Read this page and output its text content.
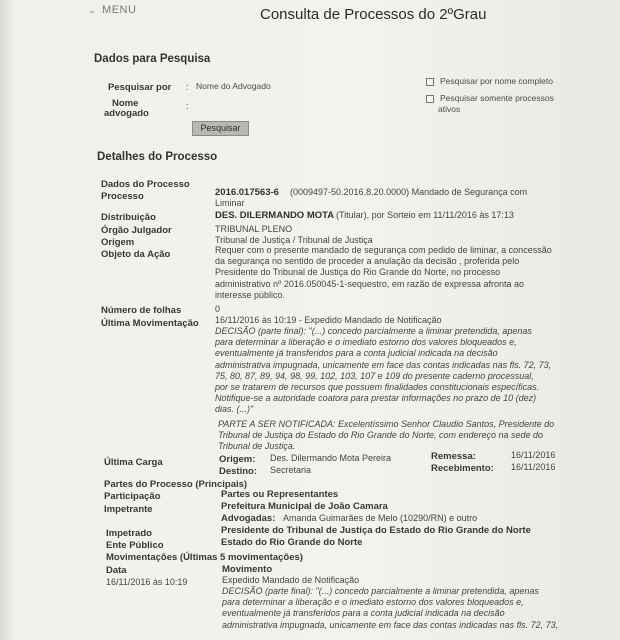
⌄ MENU	Consulta de Processos do 2ºGrau
Dados para Pesquisa
Pesquisar por : Nome do Advogado
Nome
advogado
:
Pesquisar por nome completo
Pesquisar somente processos
ativos
Pesquisar
Detalhes do Processo
Dados do Processo
Processo	2016.017563-6 (0009497-50.2016.8.20.0000) Mandado de Segurança com
Liminar
Distribuição	DES. DILERMANDO MOTA (Titular), por Sorteio em 11/11/2016 às 17:13
Órgão Julgador	TRIBUNAL PLENO
Origem	Tribunal de Justiça / Tribunal de Justiça
Objeto da Ação	Requer com o presente mandado de segurança com pedido de liminar, a concessão
da segurança no sentido de proceder a anulação da decisão , proferida pelo
Presidente do Tribunal de Justiça do Rio Grande do Norte, no processo
administrativo nº 2016.050045-1-sequestro, em razão de expressa afronta ao
interesse público.
Número de folhas	0
Última Movimentação 16/11/2016 às 10:19 - Expedido Mandado de Notificação
DECISÃO (parte final): "(...) concedo parcialmente a liminar pretendida, apenas
para determinar a liberação e o imediato estorno dos valores bloqueados e,
eventualmente já transferidos para a conta judicial indicada na decisão
administrativa impugnada, unicamente em face das contas indicadas nas fls. 72, 73,
75, 80, 87, 89, 94, 98, 99, 102, 103, 107 e 109 do presente caderno processual,
por se tratarem de recursos que possuem finalidades constitucionais específicas.
Notifique-se a autoridade coatora para prestar informações no prazo de 10 (dez)
dias. (...)"
PARTE A SER NOTIFICADA: Excelentíssimo Senhor Claudio Santos, Presidente do
Tribunal de Justiça do Estado do Rio Grande do Norte, com endereço na sede do
Tribunal de Justiça.
Última Carga	Origem: Des. Dilermando Mota Pereira
Destino: Secretaria
Remessa:	16/11/2016
Recebimento: 16/11/2016
Partes do Processo (Principais)
Participação	Partes ou Representantes
Impetrante	Prefeitura Municipal de João Camara
Advogadas: Amanda Guimarães de Melo (10290/RN) e outro
Impetrado	Presidente do Tribunal de Justiça do Estado do Rio Grande do Norte
Ente Público	Estado do Rio Grande do Norte
Movimentações (Últimas 5 movimentações)
Data	Movimento
16/11/2016 às 10:19	Expedido Mandado de Notificação
DECISÃO (parte final): "(...) concedo parcialmente a liminar pretendida, apenas
para determinar a liberação e o imediato estorno dos valores bloqueados e,
eventualmente já transferidos para a conta judicial indicada na decisão
administrativa impugnada, unicamente em face das contas indicadas nas fls. 72, 73,
